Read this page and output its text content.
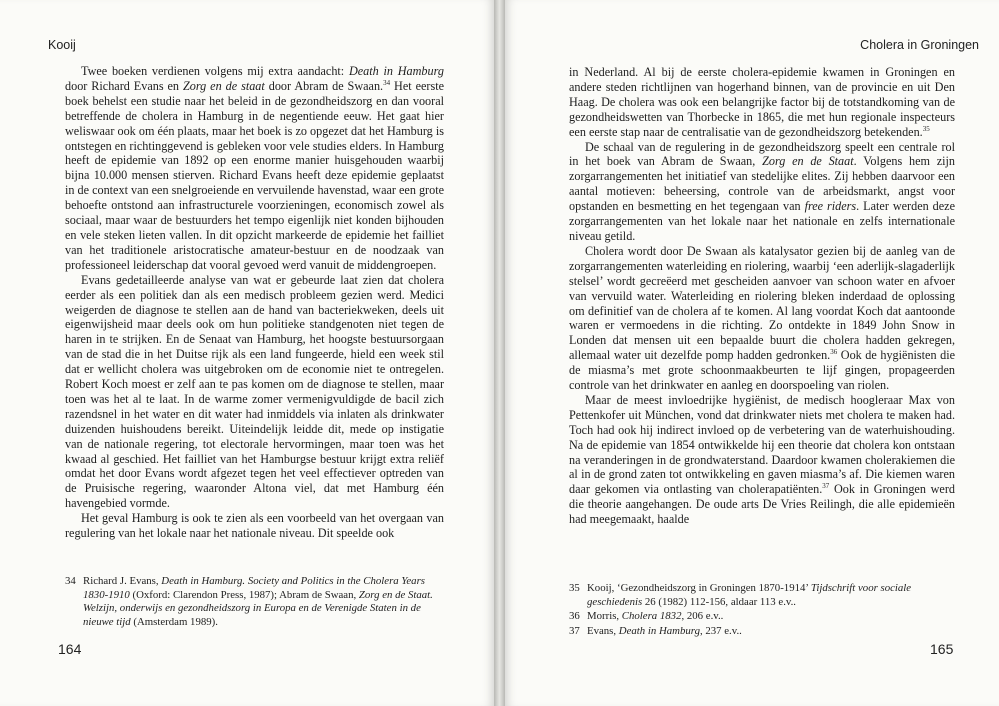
Kooij

Twee boeken verdienen volgens mij extra aandacht: Death in Hamburg door Richard Evans en Zorg en de staat door Abram de Swaan.$^{34}$ Het eerste boek behelst een studie naar het beleid in de gezondheidszorg en dan vooral betreffende de cholera in Hamburg in de negentiende eeuw. Het gaat hier weliswaar ook om één plaats, maar het boek is zo opgezet dat het Hamburg is ontstegen en richtinggevend is gebleken voor vele studies elders. In Hamburg heeft de epidemie van 1892 op een enorme manier huisgehouden waarbij bijna 10.000 mensen stierven. Richard Evans heeft deze epidemie geplaatst in de context van een snelgroeiende en vervuilende havenstad, waar een grote behoefte ontstond aan infrastructurele voorzieningen, economisch zowel als sociaal, maar waar de bestuurders het tempo eigenlijk niet konden bijhouden en vele steken lieten vallen. In dit opzicht markeerde de epidemie het failliet van het traditionele aristocratische amateur-bestuur en de noodzaak van professioneel leiderschap dat vooral gevoed werd vanuit de middengroepen.

Evans gedetailleerde analyse van wat er gebeurde laat zien dat cholera eerder als een politiek dan als een medisch probleem gezien werd. Medici weigerden de diagnose te stellen aan de hand van bacteriekweken, deels uit eigenwijsheid maar deels ook om hun politieke standgenoten niet tegen de haren in te strijken. En de Senaat van Hamburg, het hoogste bestuursorgaan van de stad die in het Duitse rijk als een land fungeerde, hield een week stil dat er wellicht cholera was uitgebroken om de economie niet te ontregelen. Robert Koch moest er zelf aan te pas komen om de diagnose te stellen, maar toen was het al te laat. In de warme zomer vermenigvuldigde de bacil zich razendsnel in het water en dit water had inmiddels via inlaten als drinkwater duizenden huishoudens bereikt. Uiteindelijk leidde dit, mede op instigatie van de nationale regering, tot electorale hervormingen, maar toen was het kwaad al geschied. Het failliet van het Hamburgse bestuur krijgt extra reliëf omdat het door Evans wordt afgezet tegen het veel effectiever optreden van de Pruisische regering, waaronder Altona viel, dat met Hamburg één havengebied vormde.

Het geval Hamburg is ook te zien als een voorbeeld van het overgaan van regulering van het lokale naar het nationale niveau. Dit speelde ook

34 Richard J. Evans, Death in Hamburg. Society and Politics in the Cholera Years 1830-1910 (Oxford: Clarendon Press, 1987); Abram de Swaan, Zorg en de Staat. Welzijn, onderwijs en gezondheidszorg in Europa en de Verenigde Staten in de nieuwe tijd (Amsterdam 1989).
164
Cholera in Groningen

in Nederland. Al bij de eerste cholera-epidemie kwamen in Groningen en andere steden richtlijnen van hogerhand binnen, van de provincie en uit Den Haag. De cholera was ook een belangrijke factor bij de totstandkoming van de gezondheidswetten van Thorbecke in 1865, die met hun regionale inspecteurs een eerste stap naar de centralisatie van de gezondheidszorg betekenden.$^{35}$

De schaal van de regulering in de gezondheidszorg speelt een centrale rol in het boek van Abram de Swaan, Zorg en de Staat. Volgens hem zijn zorgarrangementen het initiatief van stedelijke elites. Zij hebben daarvoor een aantal motieven: beheersing, controle van de arbeidsmarkt, angst voor opstanden en besmetting en het tegengaan van free riders. Later werden deze zorgarrangementen van het lokale naar het nationale en zelfs internationale niveau getild.

Cholera wordt door De Swaan als katalysator gezien bij de aanleg van de zorgarrangementen waterleiding en riolering, waarbij ‘een aderlijk-slagaderlijk stelsel’ wordt gecreëerd met gescheiden aanvoer van schoon water en afvoer van vervuild water. Waterleiding en riolering bleken inderdaad de oplossing om definitief van de cholera af te komen. Al lang voordat Koch dat aantoonde waren er vermoedens in die richting. Zo ontdekte in 1849 John Snow in Londen dat mensen uit een bepaalde buurt die cholera hadden gekregen, allemaal water uit dezelfde pomp hadden gedronken.$^{36}$ Ook de hygiënisten die de miasma’s met grote schoonmaakbeurten te lijf gingen, propageerden controle van het drinkwater en aanleg en doorspoeling van riolen.

Maar de meest invloedrijke hygiënist, de medisch hoogleraar Max von Pettenkofer uit München, vond dat drinkwater niets met cholera te maken had. Toch had ook hij indirect invloed op de verbetering van de waterhuishouding. Na de epidemie van 1854 ontwikkelde hij een theorie dat cholera kon ontstaan na veranderingen in de grondwaterstand. Daardoor kwamen cholerakiemen die al in de grond zaten tot ontwikkeling en gaven miasma’s af. Die kiemen waren daar gekomen via ontlasting van cholerapatiënten.$^{37}$ Ook in Groningen werd die theorie aangehangen. De oude arts De Vries Reilingh, die alle epidemieën had meegemaakt, haalde

35 Kooij, ‘Gezondheidszorg in Groningen 1870-1914’ Tijdschrift voor sociale geschiedenis 26 (1982) 112-156, aldaar 113 e.v..
36 Morris, Cholera 1832, 206 e.v..
37 Evans, Death in Hamburg, 237 e.v..
165
